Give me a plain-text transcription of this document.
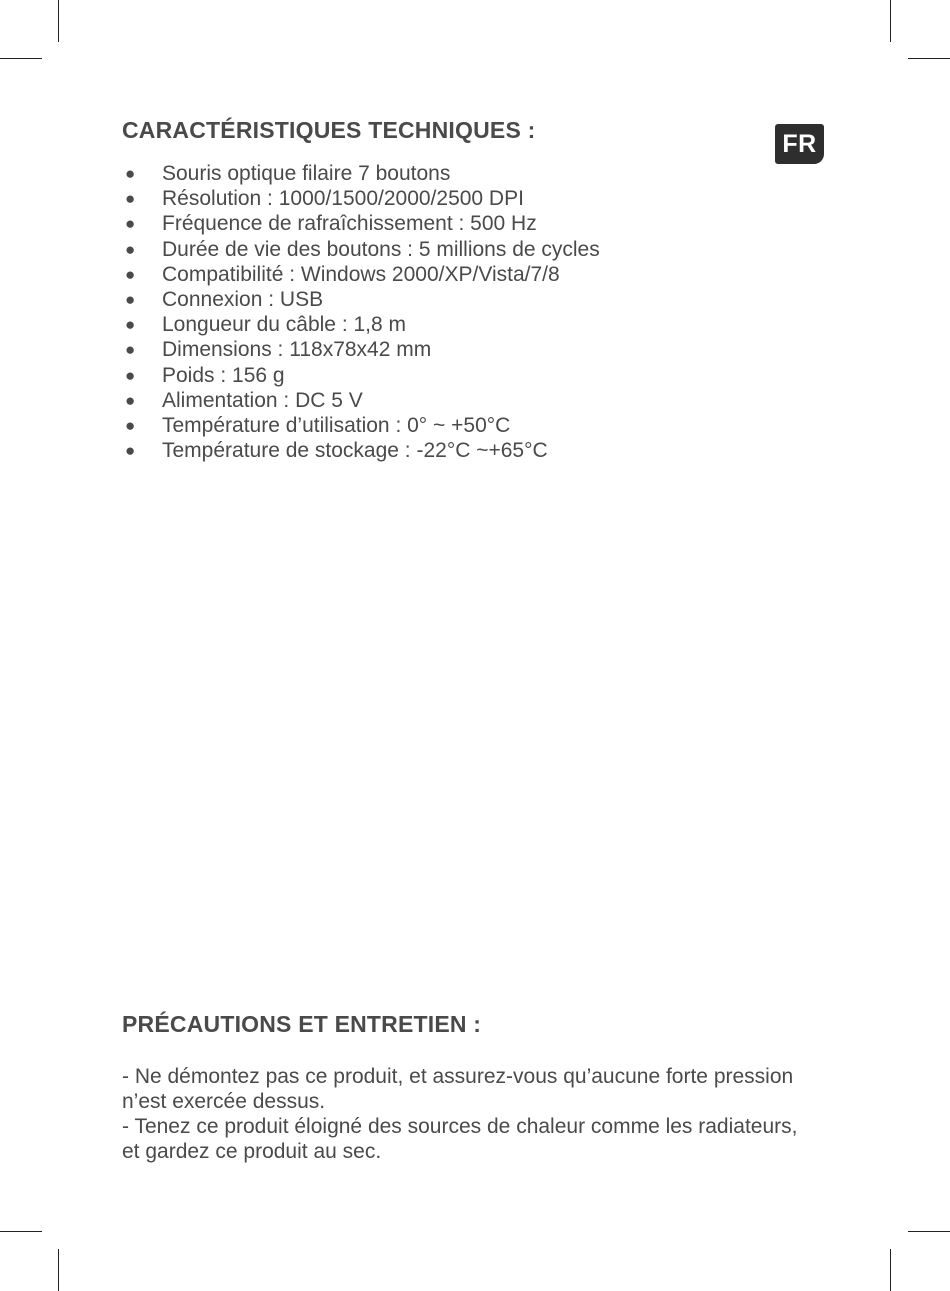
FR
CARACTÉRISTIQUES TECHNIQUES :
● Souris optique filaire 7 boutons
● Résolution : 1000/1500/2000/2500 DPI
● Fréquence de rafraîchissement : 500 Hz
● Durée de vie des boutons : 5 millions de cycles
● Compatibilité : Windows 2000/XP/Vista/7/8
● Connexion : USB
● Longueur du câble : 1,8 m
● Dimensions : 118x78x42 mm
● Poids : 156 g
● Alimentation : DC 5 V
● Température d’utilisation : 0° ~ +50°C
● Température de stockage : -22°C ~+65°C
PRÉCAUTIONS ET ENTRETIEN :

- Ne démontez pas ce produit, et assurez-vous qu’aucune forte pression

n’est exercée dessus.

- Tenez ce produit éloigné des sources de chaleur comme les radiateurs,

et gardez ce produit au sec.
